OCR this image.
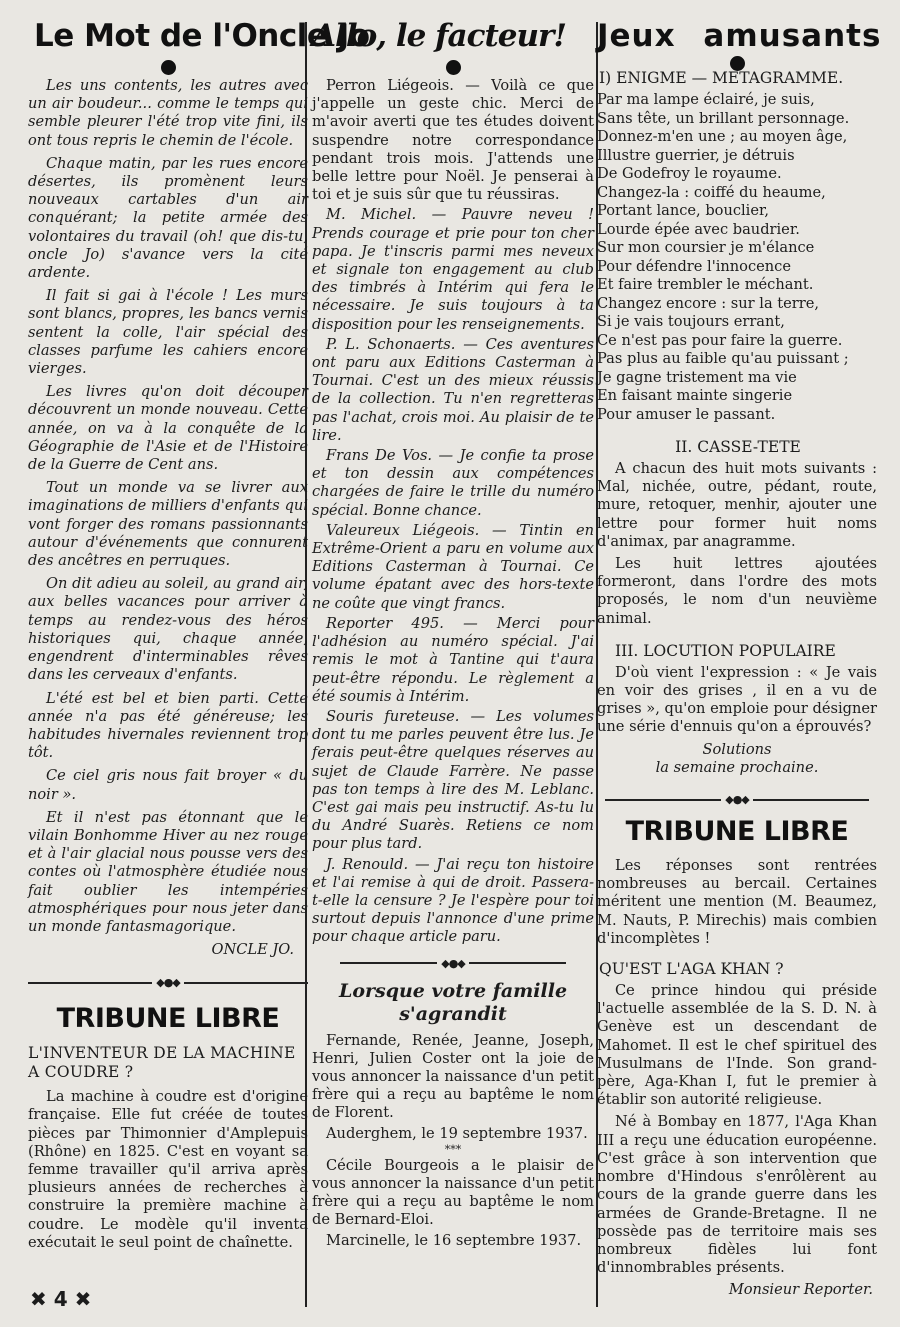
Le Mot de l'Oncle Jo

Les uns contents, les autres avec un air boudeur... comme le temps qui semble pleurer l'été trop vite fini, ils ont tous repris le chemin de l'école.

Chaque matin, par les rues encore désertes, ils promènent leurs nouveaux cartables d'un air conquérant; la petite armée des volontaires du travail (oh! que dis-tu, oncle Jo) s'avance vers la cité ardente.

Il fait si gai à l'école ! Les murs sont blancs, propres, les bancs vernis sentent la colle, l'air spécial des classes parfume les cahiers encore vierges.

Les livres qu'on doit découper découvrent un monde nouveau. Cette année, on va à la conquête de la Géographie de l'Asie et de l'Histoire de la Guerre de Cent ans.

Tout un monde va se livrer aux imaginations de milliers d'enfants qui vont forger des romans passionnants autour d'événements que connurent des ancêtres en perruques.

On dit adieu au soleil, au grand air, aux belles vacances pour arriver à temps au rendez-vous des héros historiques qui, chaque année, engendrent d'interminables rêves dans les cerveaux d'enfants.

L'été est bel et bien parti. Cette année n'a pas été généreuse; les habitudes hivernales reviennent trop tôt.

Ce ciel gris nous fait broyer « du noir ».

Et il n'est pas étonnant que le vilain Bonhomme Hiver au nez rouge et à l'air glacial nous pousse vers des contes où l'atmosphère étudiée nous fait oublier les intempéries atmosphériques pour nous jeter dans un monde fantasmagorique.

ONCLE JO.
◆●◆
TRIBUNE LIBRE
L'INVENTEUR DE LA MACHINE A COUDRE ?

La machine à coudre est d'origine française. Elle fut créée de toutes pièces par Thimonnier d'Amplepuis (Rhône) en 1825. C'est en voyant sa femme travailler qu'il arriva après plusieurs années de recherches à construire la première machine à coudre. Le modèle qu'il inventa exécutait le seul point de chaînette.

Allo, le facteur!

Perron Liégeois. — Voilà ce que j'appelle un geste chic. Merci de m'avoir averti que tes études doivent suspendre notre correspondance pendant trois mois. J'attends une belle lettre pour Noël. Je penserai à toi et je suis sûr que tu réussiras.

M. Michel. — Pauvre neveu ! Prends courage et prie pour ton cher papa. Je t'inscris parmi mes neveux et signale ton engagement au club des timbrés à Intérim qui fera le nécessaire. Je suis toujours à ta disposition pour les renseignements.

P. L. Schonaerts. — Ces aventures ont paru aux Editions Casterman à Tournai. C'est un des mieux réussis de la collection. Tu n'en regretteras pas l'achat, crois moi. Au plaisir de te lire.

Frans De Vos. — Je confie ta prose et ton dessin aux compétences chargées de faire le trille du numéro spécial. Bonne chance.

Valeureux Liégeois. — Tintin en Extrême-Orient a paru en volume aux Editions Casterman à Tournai. Ce volume épatant avec des hors-texte ne coûte que vingt francs.

Reporter 495. — Merci pour l'adhésion au numéro spécial. J'ai remis le mot à Tantine qui t'aura peut-être répondu. Le règlement a été soumis à Intérim.

Souris fureteuse. — Les volumes dont tu me parles peuvent être lus. Je ferais peut-être quelques réserves au sujet de Claude Farrère. Ne passe pas ton temps à lire des M. Leblanc. C'est gai mais peu instructif. As-tu lu du André Suarès. Retiens ce nom pour plus tard.

J. Renould. — J'ai reçu ton histoire et l'ai remise à qui de droit. Passera-t-elle la censure ? Je l'espère pour toi surtout depuis l'annonce d'une prime pour chaque article paru.

◆●◆
Lorsque votre famille s'agrandit

Fernande, Renée, Jeanne, Joseph, Henri, Julien Coster ont la joie de vous annoncer la naissance d'un petit frère qui a reçu au baptême le nom de Florent.

Auderghem, le 19 septembre 1937.

***

Cécile Bourgeois a le plaisir de vous annoncer la naissance d'un petit frère qui a reçu au baptême le nom de Bernard-Eloi.

Marcinelle, le 16 septembre 1937.

Jeux amusants
I) ENIGME — METAGRAMME.

Par ma lampe éclairé, je suis,

Sans tête, un brillant personnage.

Donnez-m'en une ; au moyen âge,

Illustre guerrier, je détruis

De Godefroy le royaume.

Changez-la : coiffé du heaume,

Portant lance, bouclier,

Lourde épée avec baudrier.

Sur mon coursier je m'élance

Pour défendre l'innocence

Et faire trembler le méchant.

Changez encore : sur la terre,

Si je vais toujours errant,

Ce n'est pas pour faire la guerre.

Pas plus au faible qu'au puissant ;

Je gagne tristement ma vie

En faisant mainte singerie

Pour amuser le passant.

II. CASSE-TETE

A chacun des huit mots suivants : Mal, nichée, outre, pédant, route, mure, retoquer, menhir, ajouter une lettre pour former huit noms d'animax, par anagramme.

Les huit lettres ajoutées formeront, dans l'ordre des mots proposés, le nom d'un neuvième animal.

III. LOCUTION POPULAIRE

D'où vient l'expression : « Je vais en voir des grises , il en a vu de grises », qu'on emploie pour désigner une série d'ennuis qu'on a éprouvés?

Solutions

la semaine prochaine.

◆●◆
TRIBUNE LIBRE

Les réponses sont rentrées nombreuses au bercail. Certaines méritent une mention (M. Beaumez, M. Nauts, P. Mirechis) mais combien d'incomplètes !

QU'EST L'AGA KHAN ?

Ce prince hindou qui préside l'actuelle assemblée de la S. D. N. à Genève est un descendant de Mahomet. Il est le chef spirituel des Musulmans de l'Inde. Son grand-père, Aga-Khan I, fut le premier à établir son autorité religieuse.

Né à Bombay en 1877, l'Aga Khan III a reçu une éducation européenne. C'est grâce à son intervention que nombre d'Hindous s'enrôlèrent au cours de la grande guerre dans les armées de Grande-Bretagne. Il ne possède pas de territoire mais ses nombreux fidèles lui font d'innombrables présents.

Monsieur Reporter.
✖ 4 ✖
